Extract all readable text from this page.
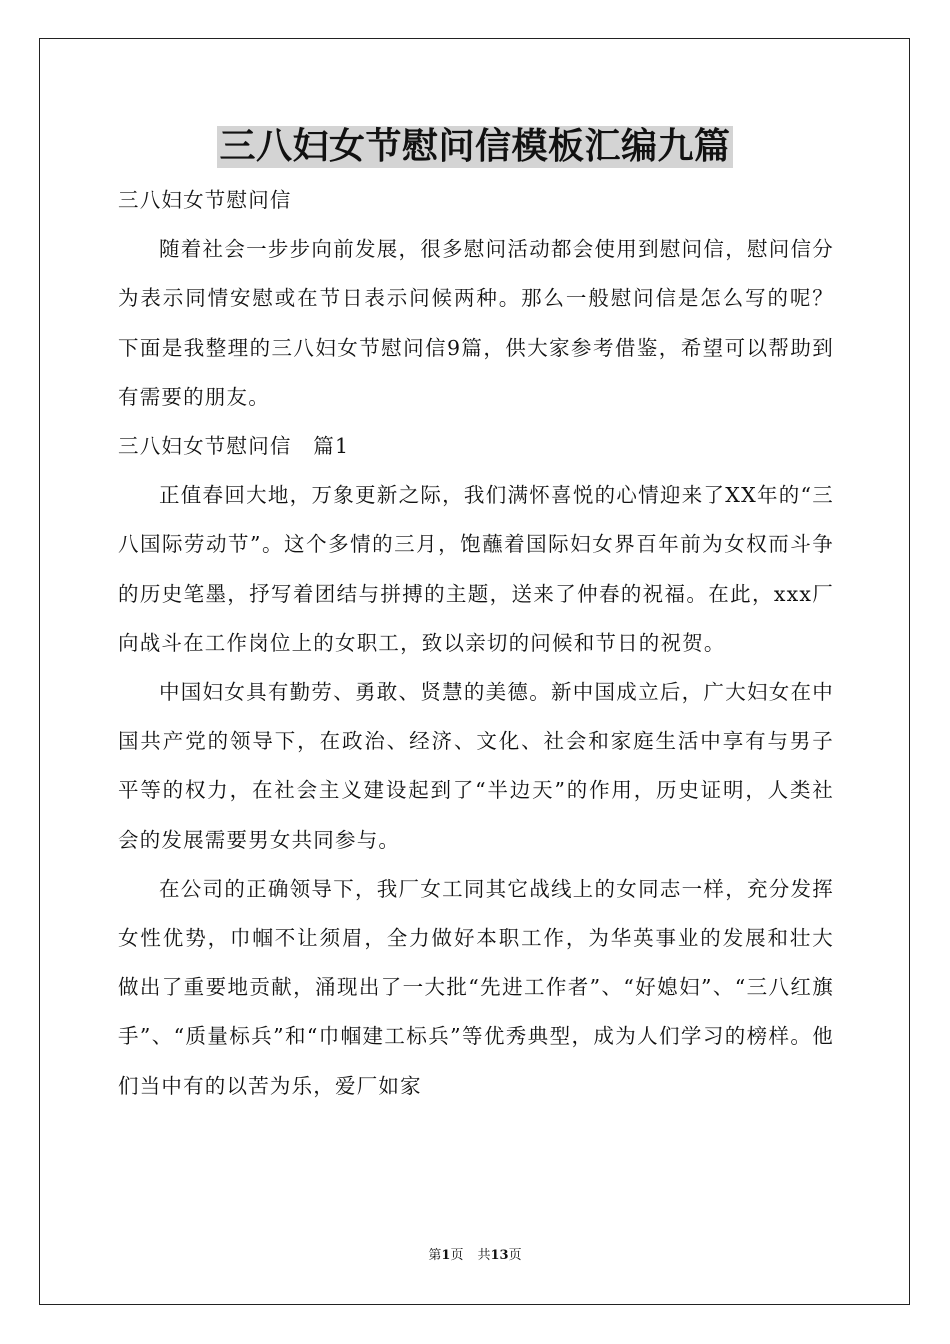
三八妇女节慰问信模板汇编九篇

三八妇女节慰问信

随着社会一步步向前发展，很多慰问活动都会使用到慰问信，慰问信分为表示同情安慰或在节日表示问候两种。那么一般慰问信是怎么写的呢？下面是我整理的三八妇女节慰问信9篇，供大家参考借鉴，希望可以帮助到有需要的朋友。

三八妇女节慰问信　篇1

正值春回大地，万象更新之际，我们满怀喜悦的心情迎来了XX年的“三八国际劳动节”。这个多情的三月，饱蘸着国际妇女界百年前为女权而斗争的历史笔墨，抒写着团结与拼搏的主题，送来了仲春的祝福。在此，xxx厂向战斗在工作岗位上的女职工，致以亲切的问候和节日的祝贺。

中国妇女具有勤劳、勇敢、贤慧的美德。新中国成立后，广大妇女在中国共产党的领导下，在政治、经济、文化、社会和家庭生活中享有与男子平等的权力，在社会主义建设起到了“半边天”的作用，历史证明，人类社会的发展需要男女共同参与。

在公司的正确领导下，我厂女工同其它战线上的女同志一样，充分发挥女性优势，巾帼不让须眉，全力做好本职工作，为华英事业的发展和壮大做出了重要地贡献，涌现出了一大批“先进工作者”、“好媳妇”、“三八红旗手”、“质量标兵”和“巾帼建工标兵”等优秀典型，成为人们学习的榜样。他们当中有的以苦为乐，爱厂如家

第1页 共13页
